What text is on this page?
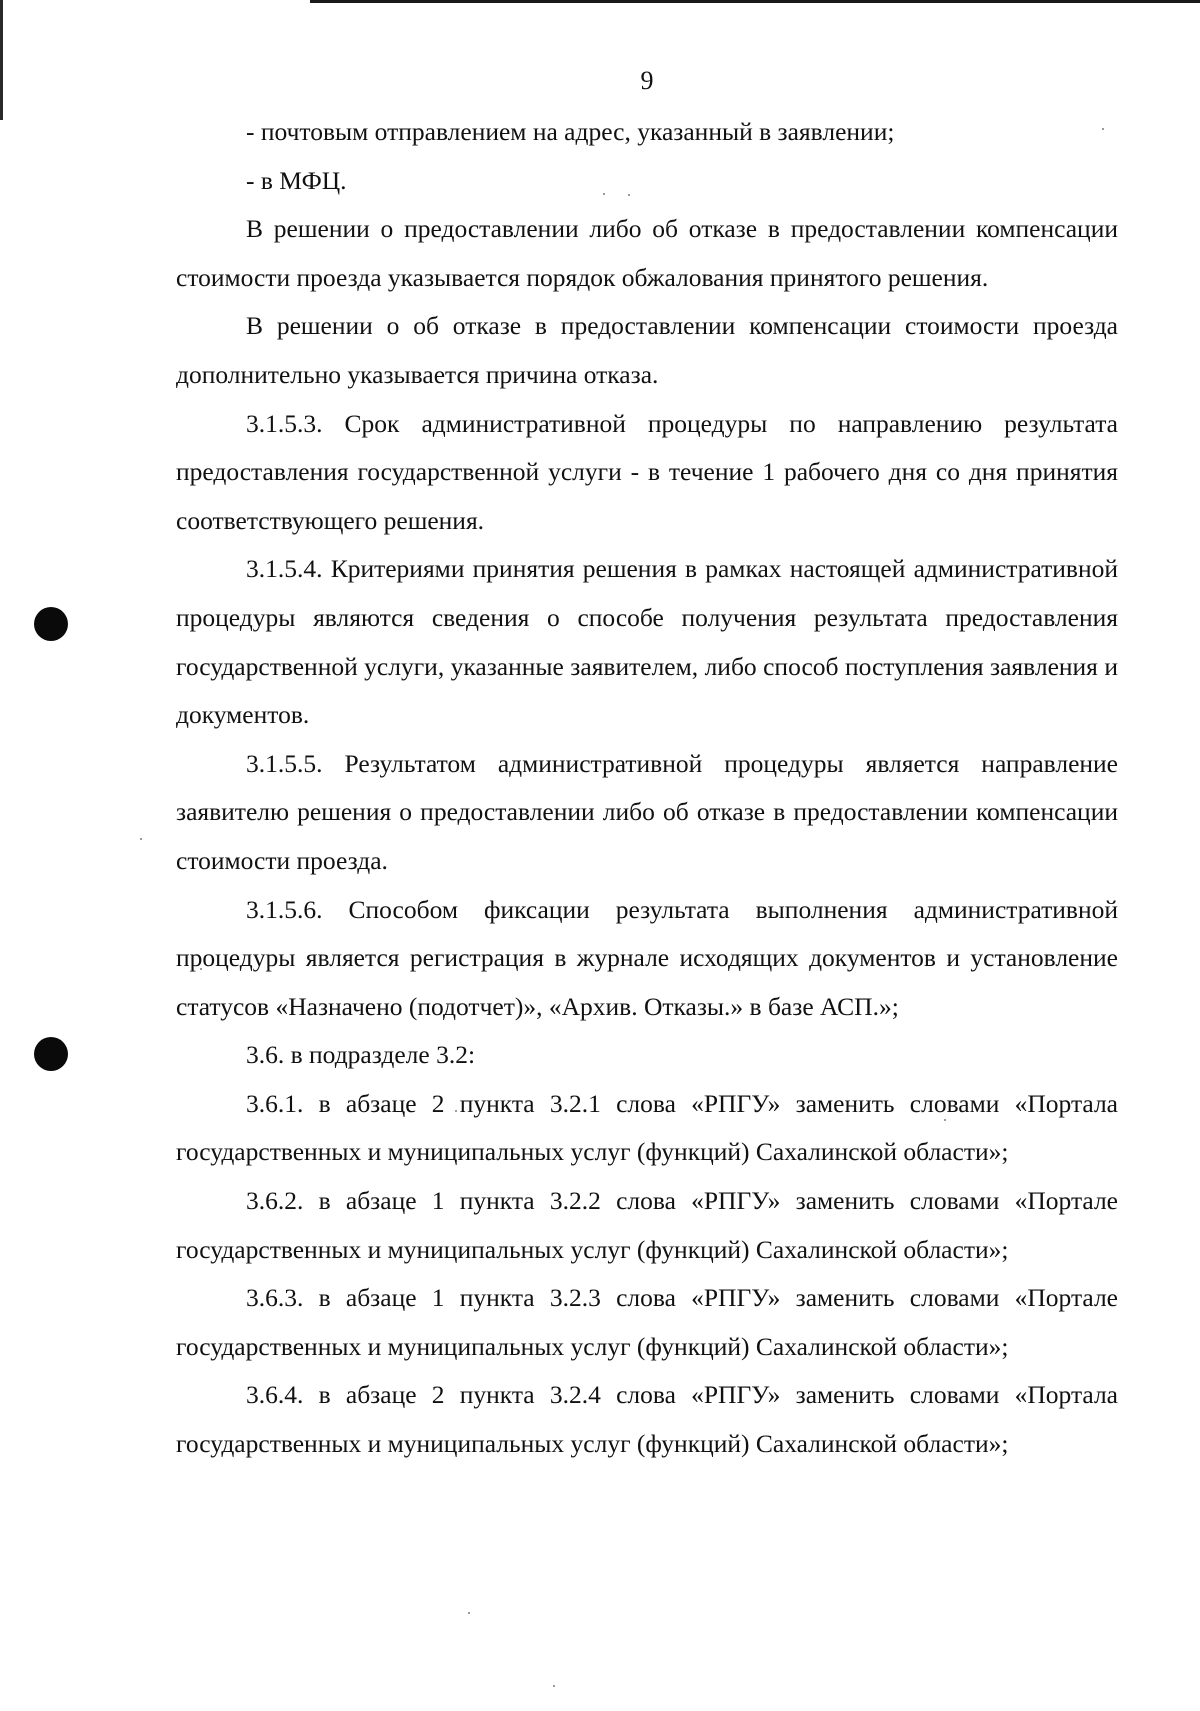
9

- почтовым отправлением на адрес, указанный в заявлении;

- в МФЦ.

В решении о предоставлении либо об отказе в предоставлении компенсации стоимости проезда указывается порядок обжалования принятого решения.

В решении о об отказе в предоставлении компенсации стоимости проезда дополнительно указывается причина отказа.

3.1.5.3. Срок административной процедуры по направлению результата предоставления государственной услуги - в течение 1 рабочего дня со дня принятия соответствующего решения.

3.1.5.4. Критериями принятия решения в рамках настоящей административной процедуры являются сведения о способе получения результата предоставления государственной услуги, указанные заявителем, либо способ поступления заявления и документов.

3.1.5.5. Результатом административной процедуры является направление заявителю решения о предоставлении либо об отказе в предоставлении компенсации стоимости проезда.

3.1.5.6. Способом фиксации результата выполнения административной процедуры является регистрация в журнале исходящих документов и установление статусов «Назначено (подотчет)», «Архив. Отказы.» в базе АСП.»;

3.6. в подразделе 3.2:

3.6.1. в абзаце 2 пункта 3.2.1 слова «РПГУ» заменить словами «Портала государственных и муниципальных услуг (функций) Сахалинской области»;

3.6.2. в абзаце 1 пункта 3.2.2 слова «РПГУ» заменить словами «Портале государственных и муниципальных услуг (функций) Сахалинской области»;

3.6.3. в абзаце 1 пункта 3.2.3 слова «РПГУ» заменить словами «Портале государственных и муниципальных услуг (функций) Сахалинской области»;

3.6.4. в абзаце 2 пункта 3.2.4 слова «РПГУ» заменить словами «Портала государственных и муниципальных услуг (функций) Сахалинской области»;
